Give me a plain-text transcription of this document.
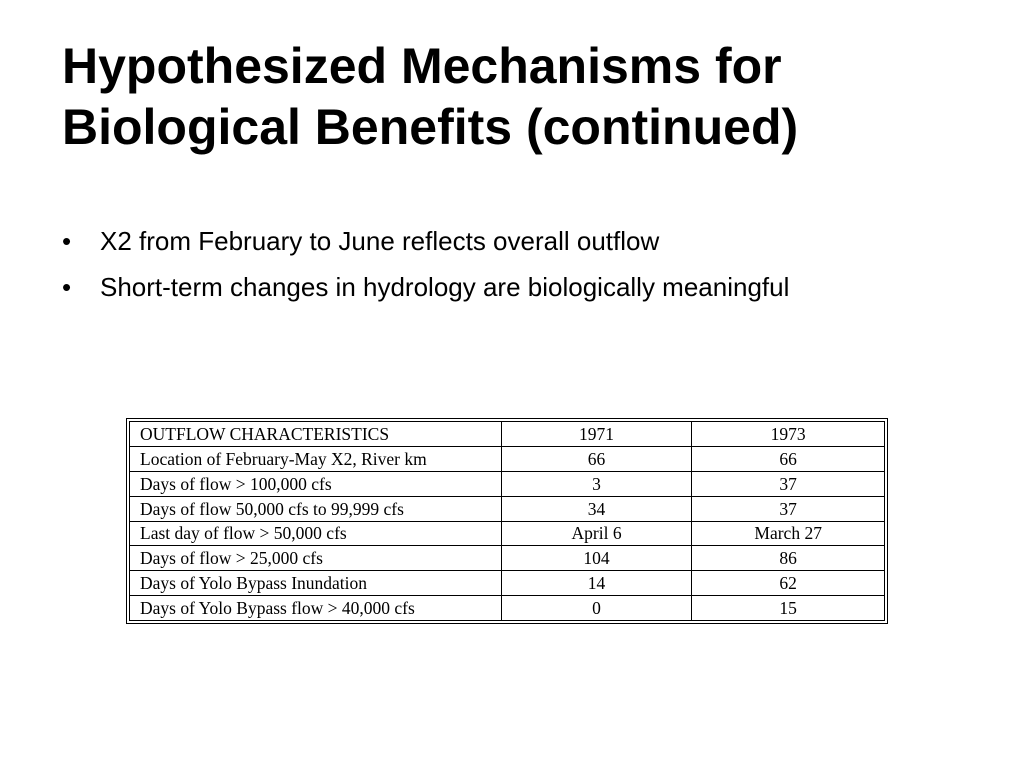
Hypothesized Mechanisms for
Biological Benefits (continued)
• X2 from February to June reflects overall outflow
• Short-term changes in hydrology are biologically meaningful
OUTFLOW CHARACTERISTICS	1971	1973
Location of February-May X2, River km	66	66
Days of flow > 100,000 cfs	3	37
Days of flow 50,000 cfs to 99,999 cfs	34	37
Last day of flow > 50,000 cfs	April 6	March 27
Days of flow > 25,000 cfs	104	86
Days of Yolo Bypass Inundation	14	62
Days of Yolo Bypass flow > 40,000 cfs	0	15
